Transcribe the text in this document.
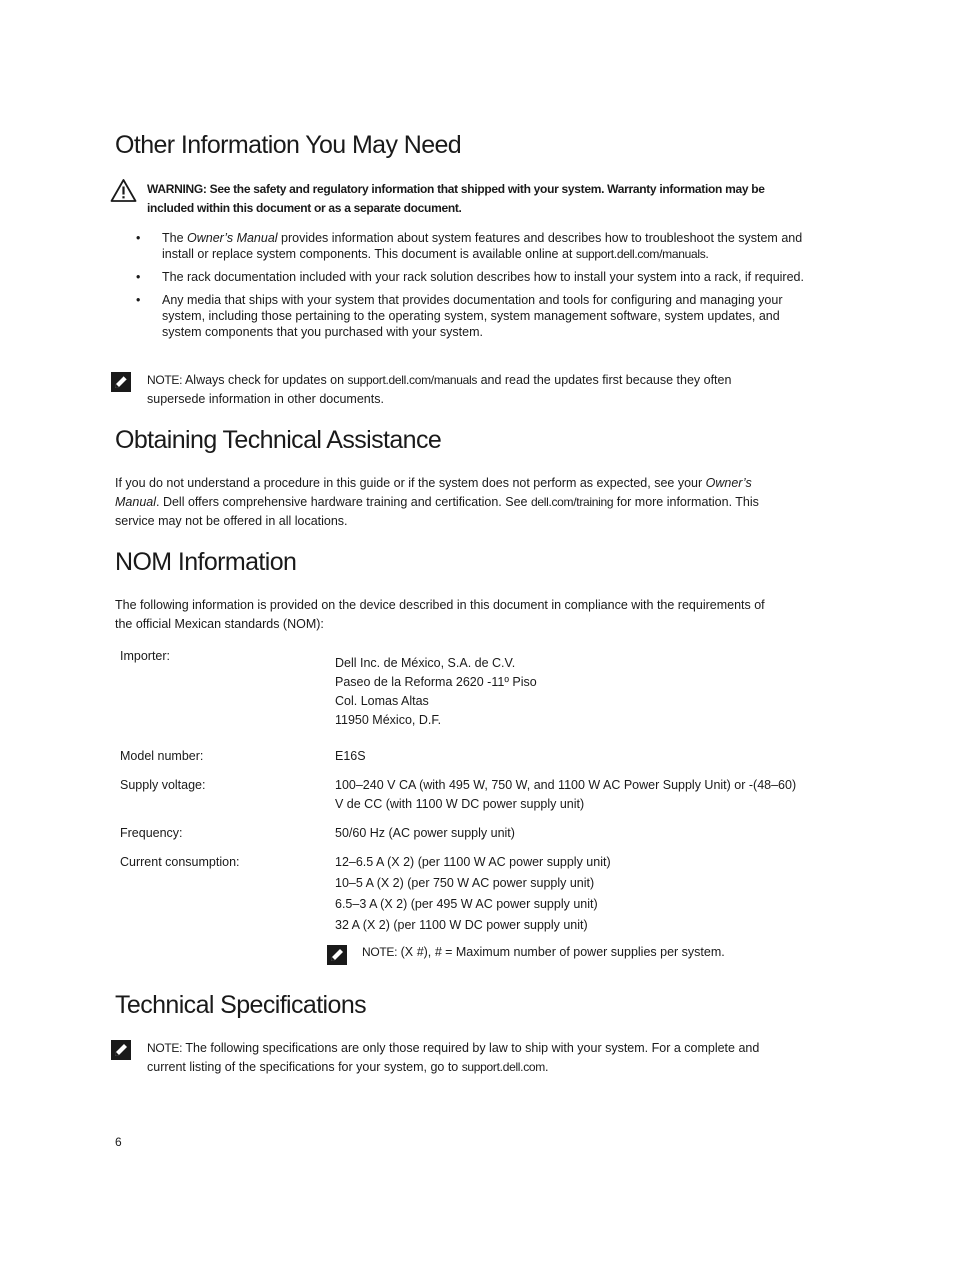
Other Information You May Need
WARNING: See the safety and regulatory information that shipped with your system. Warranty information may be
included within this document or as a separate document.
• The Owner’s Manual provides information about system features and describes how to troubleshoot the system and install or replace system components. This document is available online at support.dell.com/manuals.
• The rack documentation included with your rack solution describes how to install your system into a rack, if required.
• Any media that ships with your system that provides documentation and tools for configuring and managing your system, including those pertaining to the operating system, system management software, system updates, and system components that you purchased with your system.
NOTE: Always check for updates on support.dell.com/manuals and read the updates first because they often
supersede information in other documents.
Obtaining Technical Assistance
If you do not understand a procedure in this guide or if the system does not perform as expected, see your Owner’s
Manual. Dell offers comprehensive hardware training and certification. See dell.com/training for more information. This
service may not be offered in all locations.
NOM Information
The following information is provided on the device described in this document in compliance with the requirements of
the official Mexican standards (NOM):
Importer:	Dell Inc. de México, S.A. de C.V.
Paseo de la Reforma 2620 -11º Piso
Col. Lomas Altas
11950 México, D.F.
Model number:	E16S
Supply voltage:	100–240 V CA (with 495 W, 750 W, and 1100 W AC Power Supply Unit) or -(48–60)
V de CC (with 1100 W DC power supply unit)
Frequency:	50/60 Hz (AC power supply unit)
Current consumption:	12–6.5 A (X 2) (per 1100 W AC power supply unit)
10–5 A (X 2) (per 750 W AC power supply unit)
6.5–3 A (X 2) (per 495 W AC power supply unit)
32 A (X 2) (per 1100 W DC power supply unit)
NOTE: (X #), # = Maximum number of power supplies per system.
Technical Specifications
NOTE: The following specifications are only those required by law to ship with your system. For a complete and
current listing of the specifications for your system, go to support.dell.com.
6
